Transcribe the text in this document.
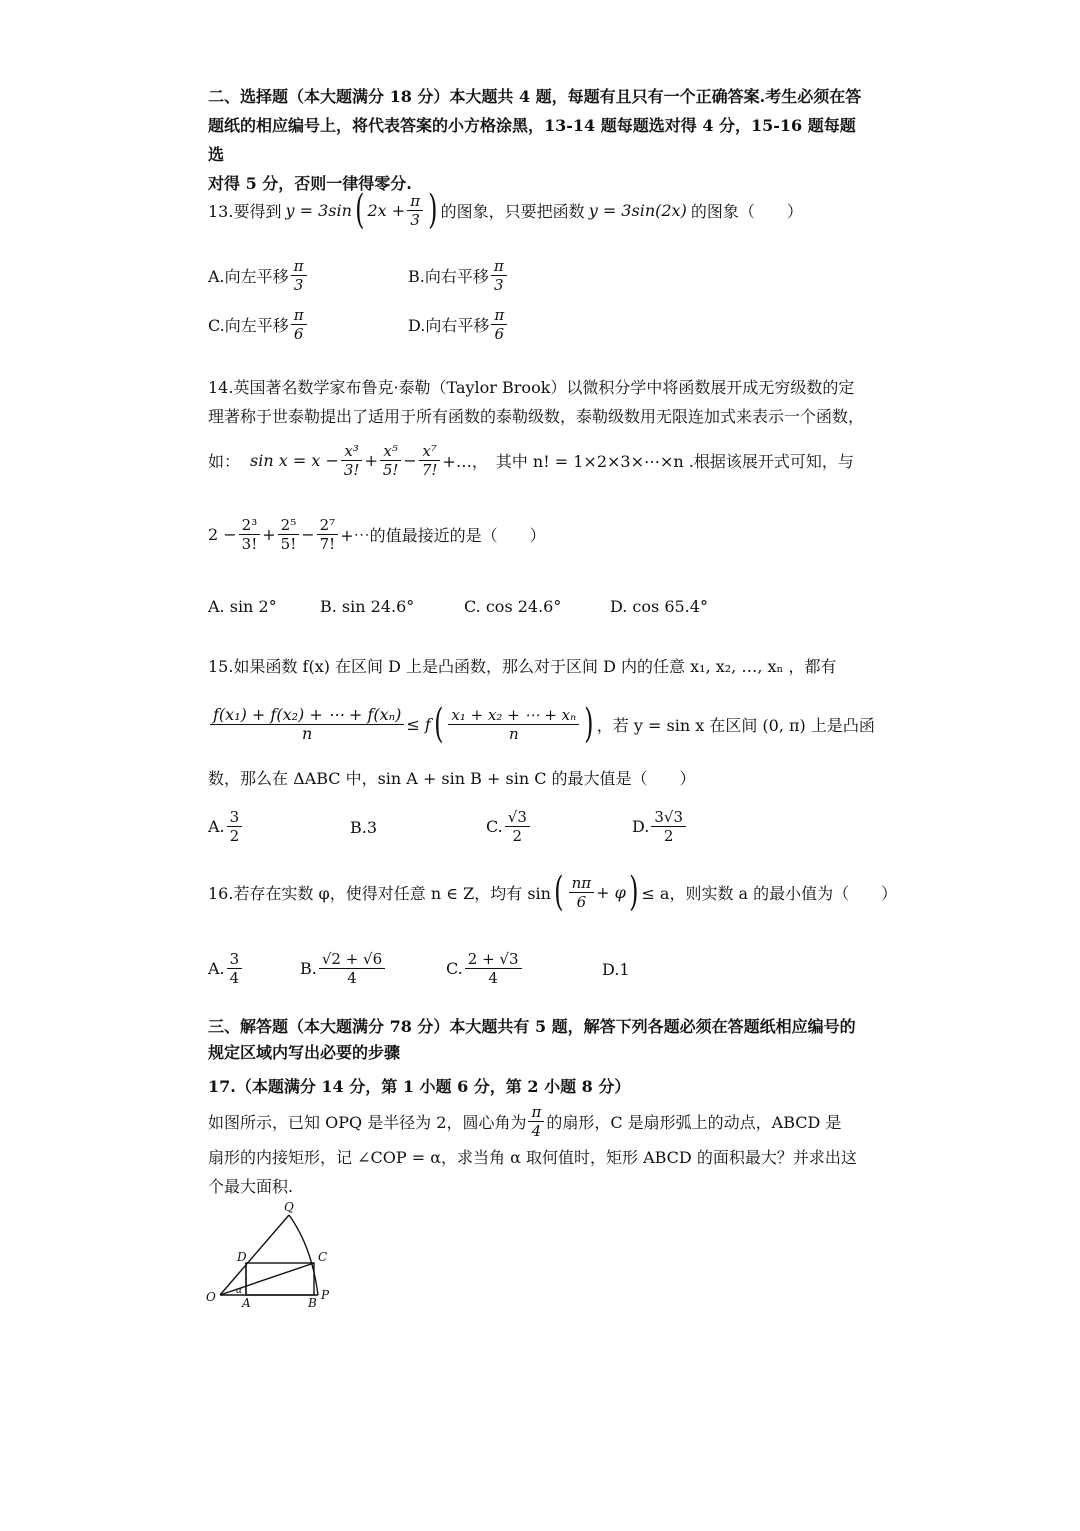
二、选择题（本大题满分 18 分）本大题共 4 题，每题有且只有一个正确答案.考生必须在答
题纸的相应编号上，将代表答案的小方格涂黑，13-14 题每题选对得 4 分，15-16 题每题选
对得 5 分，否则一律得零分.
13.要得到 y = 3sin ( $2x + \frac{\pi}{3}$ ) 的图象，只要把函数 y = 3sin(2x) 的图象（　　）
A.向左平移 $\frac{\pi}{3}$	B.向右平移 $\frac{\pi}{3}$
C.向左平移 $\frac{\pi}{6}$	D.向右平移 $\frac{\pi}{6}$
14.英国著名数学家布鲁克·泰勒（Taylor Brook）以微积分学中将函数展开成无穷级数的定
理著称于世泰勒提出了适用于所有函数的泰勒级数，泰勒级数用无限连加式来表示一个函数，
如： $\sin x = x - \frac{\text{x³}}{3!} + \frac{\text{x⁵}}{5!} - \frac{\text{x⁷}}{7!}$ +…， 其中 n! = 1×2×3×⋯×n .根据该展开式可知，与
$2 - \frac{\text{2³}}{3!} + \frac{\text{2⁵}}{5!} - \frac{\text{2⁷}}{7!}$ +⋯的值最接近的是（　　）
A. sin 2°	B. sin 24.6°	C. cos 24.6°	D. cos 65.4°
15.如果函数 f(x) 在区间 D 上是凸函数，那么对于区间 D 内的任意 x₁, x₂, …, xₙ ，都有
$\frac{\text{f(x₁) + f(x₂) + ⋯ + f(xₙ)}}{n} \le f$ ( $\frac{\text{x₁ + x₂ + ⋯ + xₙ}}{n}$ ) ，若 y = sin x 在区间 (0, π) 上是凸函
数，那么在 ΔABC 中，sin A + sin B + sin C 的最大值是（　　）
A. $\frac{3}{2}$	B.3	C. $\frac{√3}{2}$	D. $\frac{3√3}{2}$
16.若存在实数 φ，使得对任意 n ∈ Z，均有 sin ( $\frac{n\pi}{6} + \varphi$ ) ≤ a，则实数 a 的最小值为（　　）
A. $\frac{3}{4}$	B. $\frac{√2 + √6}{4}$	C. $\frac{2 + √3}{4}$	D.1
三、解答题（本大题满分 78 分）本大题共有 5 题，解答下列各题必须在答题纸相应编号的
规定区域内写出必要的步骤
17.（本题满分 14 分，第 1 小题 6 分，第 2 小题 8 分）
如图所示，已知 OPQ 是半径为 2，圆心角为 $\frac{\pi}{4}$ 的扇形，C 是扇形弧上的动点，ABCD 是
扇形的内接矩形，记 ∠COP = α，求当角 α 取何值时，矩形 ABCD 的面积最大？并求出这
个最大面积.
Q
D	C
O A	B
P
α
